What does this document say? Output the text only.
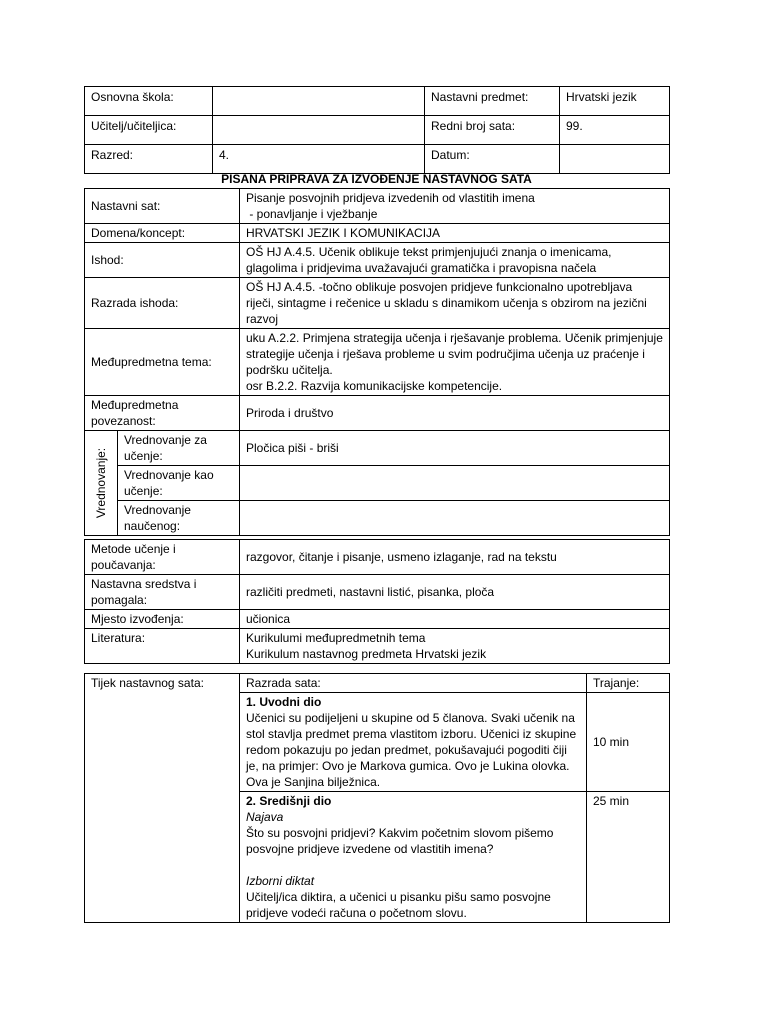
Osnovna škola:		Nastavni predmet:	Hrvatski jezik
Učitelj/učiteljica:		Redni broj sata:	99.
Razred:	4.	Datum:	
PISANA PRIPRAVA ZA IZVOĐENJE NASTAVNOG SATA
Nastavni sat:		Pisanje posvojnih pridjeva izvedenih od vlastitih imena
- ponavljanje i vježbanje

Domena/koncept:		HRVATSKI JEZIK I KOMUNIKACIJA
Ishod:		OŠ HJ A.4.5. Učenik oblikuje tekst primjenjujući znanja o imenicama, glagolima i pridjevima uvažavajući gramatička i pravopisna načela
Razrada ishoda:		OŠ HJ A.4.5. -točno oblikuje posvojen pridjeve funkcionalno upotrebljava riječi, sintagme i rečenice u skladu s dinamikom učenja s obzirom na jezični razvoj
Međupredmetna tema:		uku A.2.2. Primjena strategija učenja i rješavanje problema. Učenik primjenjuje strategije učenja i rješava probleme u svim područjima učenja uz praćenje i podršku učitelja.
osr B.2.2. Razvija komunikacijske kompetencije.

Međupredmetna povezanost:		Priroda i društvo

Vrednovanje:	Vrednovanje za učenje:	Pločica piši - briši
	Vrednovanje kao učenje:	
	Vrednovanje naučenog:	
Metode učenje i poučavanja:	razgovor, čitanje i pisanje, usmeno izlaganje, rad na tekstu
Nastavna sredstva i pomagala:	različiti predmeti, nastavni listić, pisanka, ploča
Mjesto izvođenja:	učionica
Literatura:	Kurikulumi međupredmetnih tema
Kurikulum nastavnog predmeta Hrvatski jezik
Tijek nastavnog sata:	Razrada sata:	Trajanje:

	1. Uvodni dio
Učenici su podijeljeni u skupine od 5 članova. Svaki učenik na stol stavlja predmet prema vlastitom izboru. Učenici iz skupine redom pokazuju po jedan predmet, pokušavajući pogoditi čiji je, na primjer: Ovo je Markova gumica. Ovo je Lukina olovka. Ova je Sanjina bilježnica.	10 min

	2. Središnji dio
Najava
Što su posvojni pridjevi? Kakvim početnim slovom pišemo posvojne pridjeve izvedene od vlastitih imena?
Izborni diktat
Učitelj/ica diktira, a učenici u pisanku pišu samo posvojne pridjeve vodeći računa o početnom slovu.	25 min
